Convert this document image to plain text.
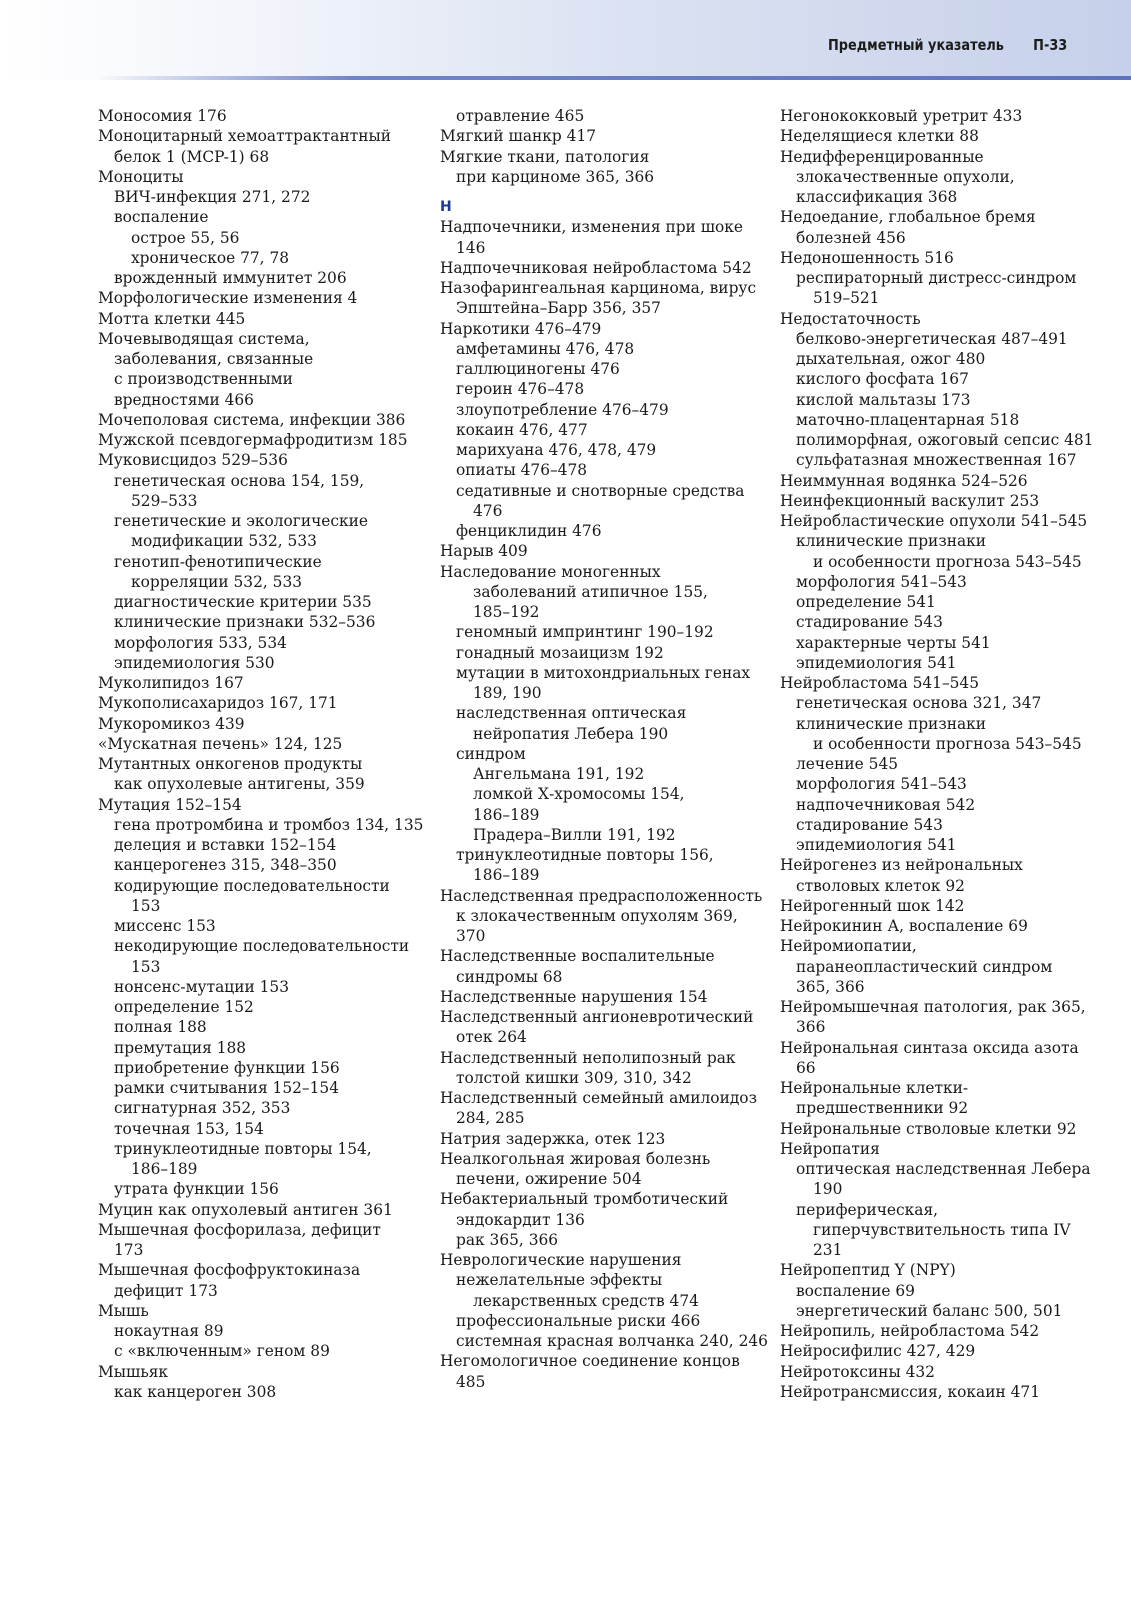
Предметный указатель П-33
Моносомия 176
Моноцитарный хемоаттрактантный
белок 1 (MCP-1) 68
Моноциты
ВИЧ-инфекция 271, 272
воспаление
острое 55, 56
хроническое 77, 78
врожденный иммунитет 206
Морфологические изменения 4
Мотта клетки 445
Мочевыводящая система,
заболевания, связанные
с производственными
вредностями 466
Мочеполовая система, инфекции 386
Мужской псевдогермафродитизм 185
Муковисцидоз 529–536
генетическая основа 154, 159,
529–533
генетические и экологические
модификации 532, 533
генотип-фенотипические
корреляции 532, 533
диагностические критерии 535
клинические признаки 532–536
морфология 533, 534
эпидемиология 530
Муколипидоз 167
Мукополисахаридоз 167, 171
Мукоромикоз 439
«Мускатная печень» 124, 125
Мутантных онкогенов продукты
как опухолевые антигены, 359
Мутация 152–154
гена протромбина и тромбоз 134, 135
делеция и вставки 152–154
канцерогенез 315, 348–350
кодирующие последовательности
153
миссенс 153
некодирующие последовательности
153
нонсенс-мутации 153
определение 152
полная 188
премутация 188
приобретение функции 156
рамки считывания 152–154
сигнатурная 352, 353
точечная 153, 154
тринуклеотидные повторы 154,
186–189
утрата функции 156
Муцин как опухолевый антиген 361
Мышечная фосфорилаза, дефицит
173
Мышечная фосфофруктокиназа
дефицит 173
Мышь
нокаутная 89
с «включенным» геном 89
Мышьяк
как канцероген 308
отравление 465
Мягкий шанкр 417
Мягкие ткани, патология
при карциноме 365, 366
Н
Надпочечники, изменения при шоке
146
Надпочечниковая нейробластома 542
Назофарингеальная карцинома, вирус
Эпштейна–Барр 356, 357
Наркотики 476–479
амфетамины 476, 478
галлюциногены 476
героин 476–478
злоупотребление 476–479
кокаин 476, 477
марихуана 476, 478, 479
опиаты 476–478
седативные и снотворные средства
476
фенциклидин 476
Нарыв 409
Наследование моногенных
заболеваний атипичное 155,
185–192
геномный импринтинг 190–192
гонадный мозаицизм 192
мутации в митохондриальных генах
189, 190
наследственная оптическая
нейропатия Лебера 190
синдром
Ангельмана 191, 192
ломкой Х-хромосомы 154,
186–189
Прадера–Вилли 191, 192
тринуклеотидные повторы 156,
186–189
Наследственная предрасположенность
к злокачественным опухолям 369,
370
Наследственные воспалительные
синдромы 68
Наследственные нарушения 154
Наследственный ангионевротический
отек 264
Наследственный неполипозный рак
толстой кишки 309, 310, 342
Наследственный семейный амилоидоз
284, 285
Натрия задержка, отек 123
Неалкогольная жировая болезнь
печени, ожирение 504
Небактериальный тромботический
эндокардит 136
рак 365, 366
Неврологические нарушения
нежелательные эффекты
лекарственных средств 474
профессиональные риски 466
системная красная волчанка 240, 246
Негомологичное соединение концов
485
Негонококковый уретрит 433
Неделящиеся клетки 88
Недифференцированные
злокачественные опухоли,
классификация 368
Недоедание, глобальное бремя
болезней 456
Недоношенность 516
респираторный дистресс-синдром
519–521
Недостаточность
белково-энергетическая 487–491
дыхательная, ожог 480
кислого фосфата 167
кислой мальтазы 173
маточно-плацентарная 518
полиморфная, ожоговый сепсис 481
сульфатазная множественная 167
Неиммунная водянка 524–526
Неинфекционный васкулит 253
Нейробластические опухоли 541–545
клинические признаки
и особенности прогноза 543–545
морфология 541–543
определение 541
стадирование 543
характерные черты 541
эпидемиология 541
Нейробластома 541–545
генетическая основа 321, 347
клинические признаки
и особенности прогноза 543–545
лечение 545
морфология 541–543
надпочечниковая 542
стадирование 543
эпидемиология 541
Нейрогенез из нейрональных
стволовых клеток 92
Нейрогенный шок 142
Нейрокинин А, воспаление 69
Нейромиопатии,
паранеопластический синдром
365, 366
Нейромышечная патология, рак 365,
366
Нейрональная синтаза оксида азота
66
Нейрональные клетки-
предшественники 92
Нейрональные стволовые клетки 92
Нейропатия
оптическая наследственная Лебера
190
периферическая,
гиперчувствительность типа IV
231
Нейропептид Y (NPY)
воспаление 69
энергетический баланс 500, 501
Нейропиль, нейробластома 542
Нейросифилис 427, 429
Нейротоксины 432
Нейротрансмиссия, кокаин 471
